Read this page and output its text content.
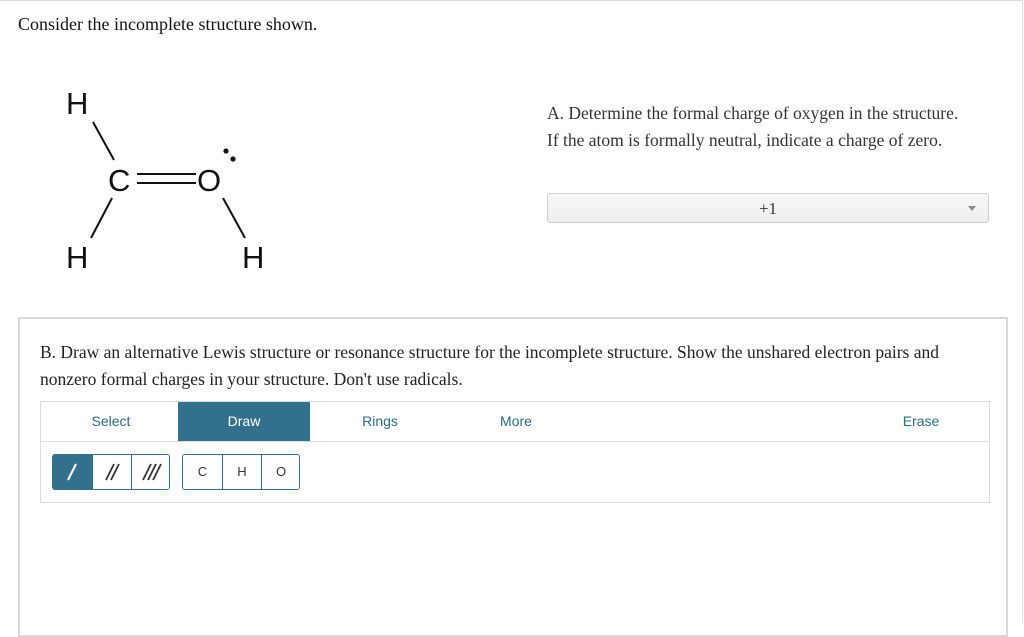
Consider the incomplete structure shown.
H
C O
H	H
A. Determine the formal charge of oxygen in the structure. If the atom is formally neutral, indicate a charge of zero.
+1
B. Draw an alternative Lewis structure or resonance structure for the incomplete structure. Show the unshared electron pairs and nonzero formal charges in your structure. Don't use radicals.
Select	Draw	Rings	More	Erase
C	H	O
